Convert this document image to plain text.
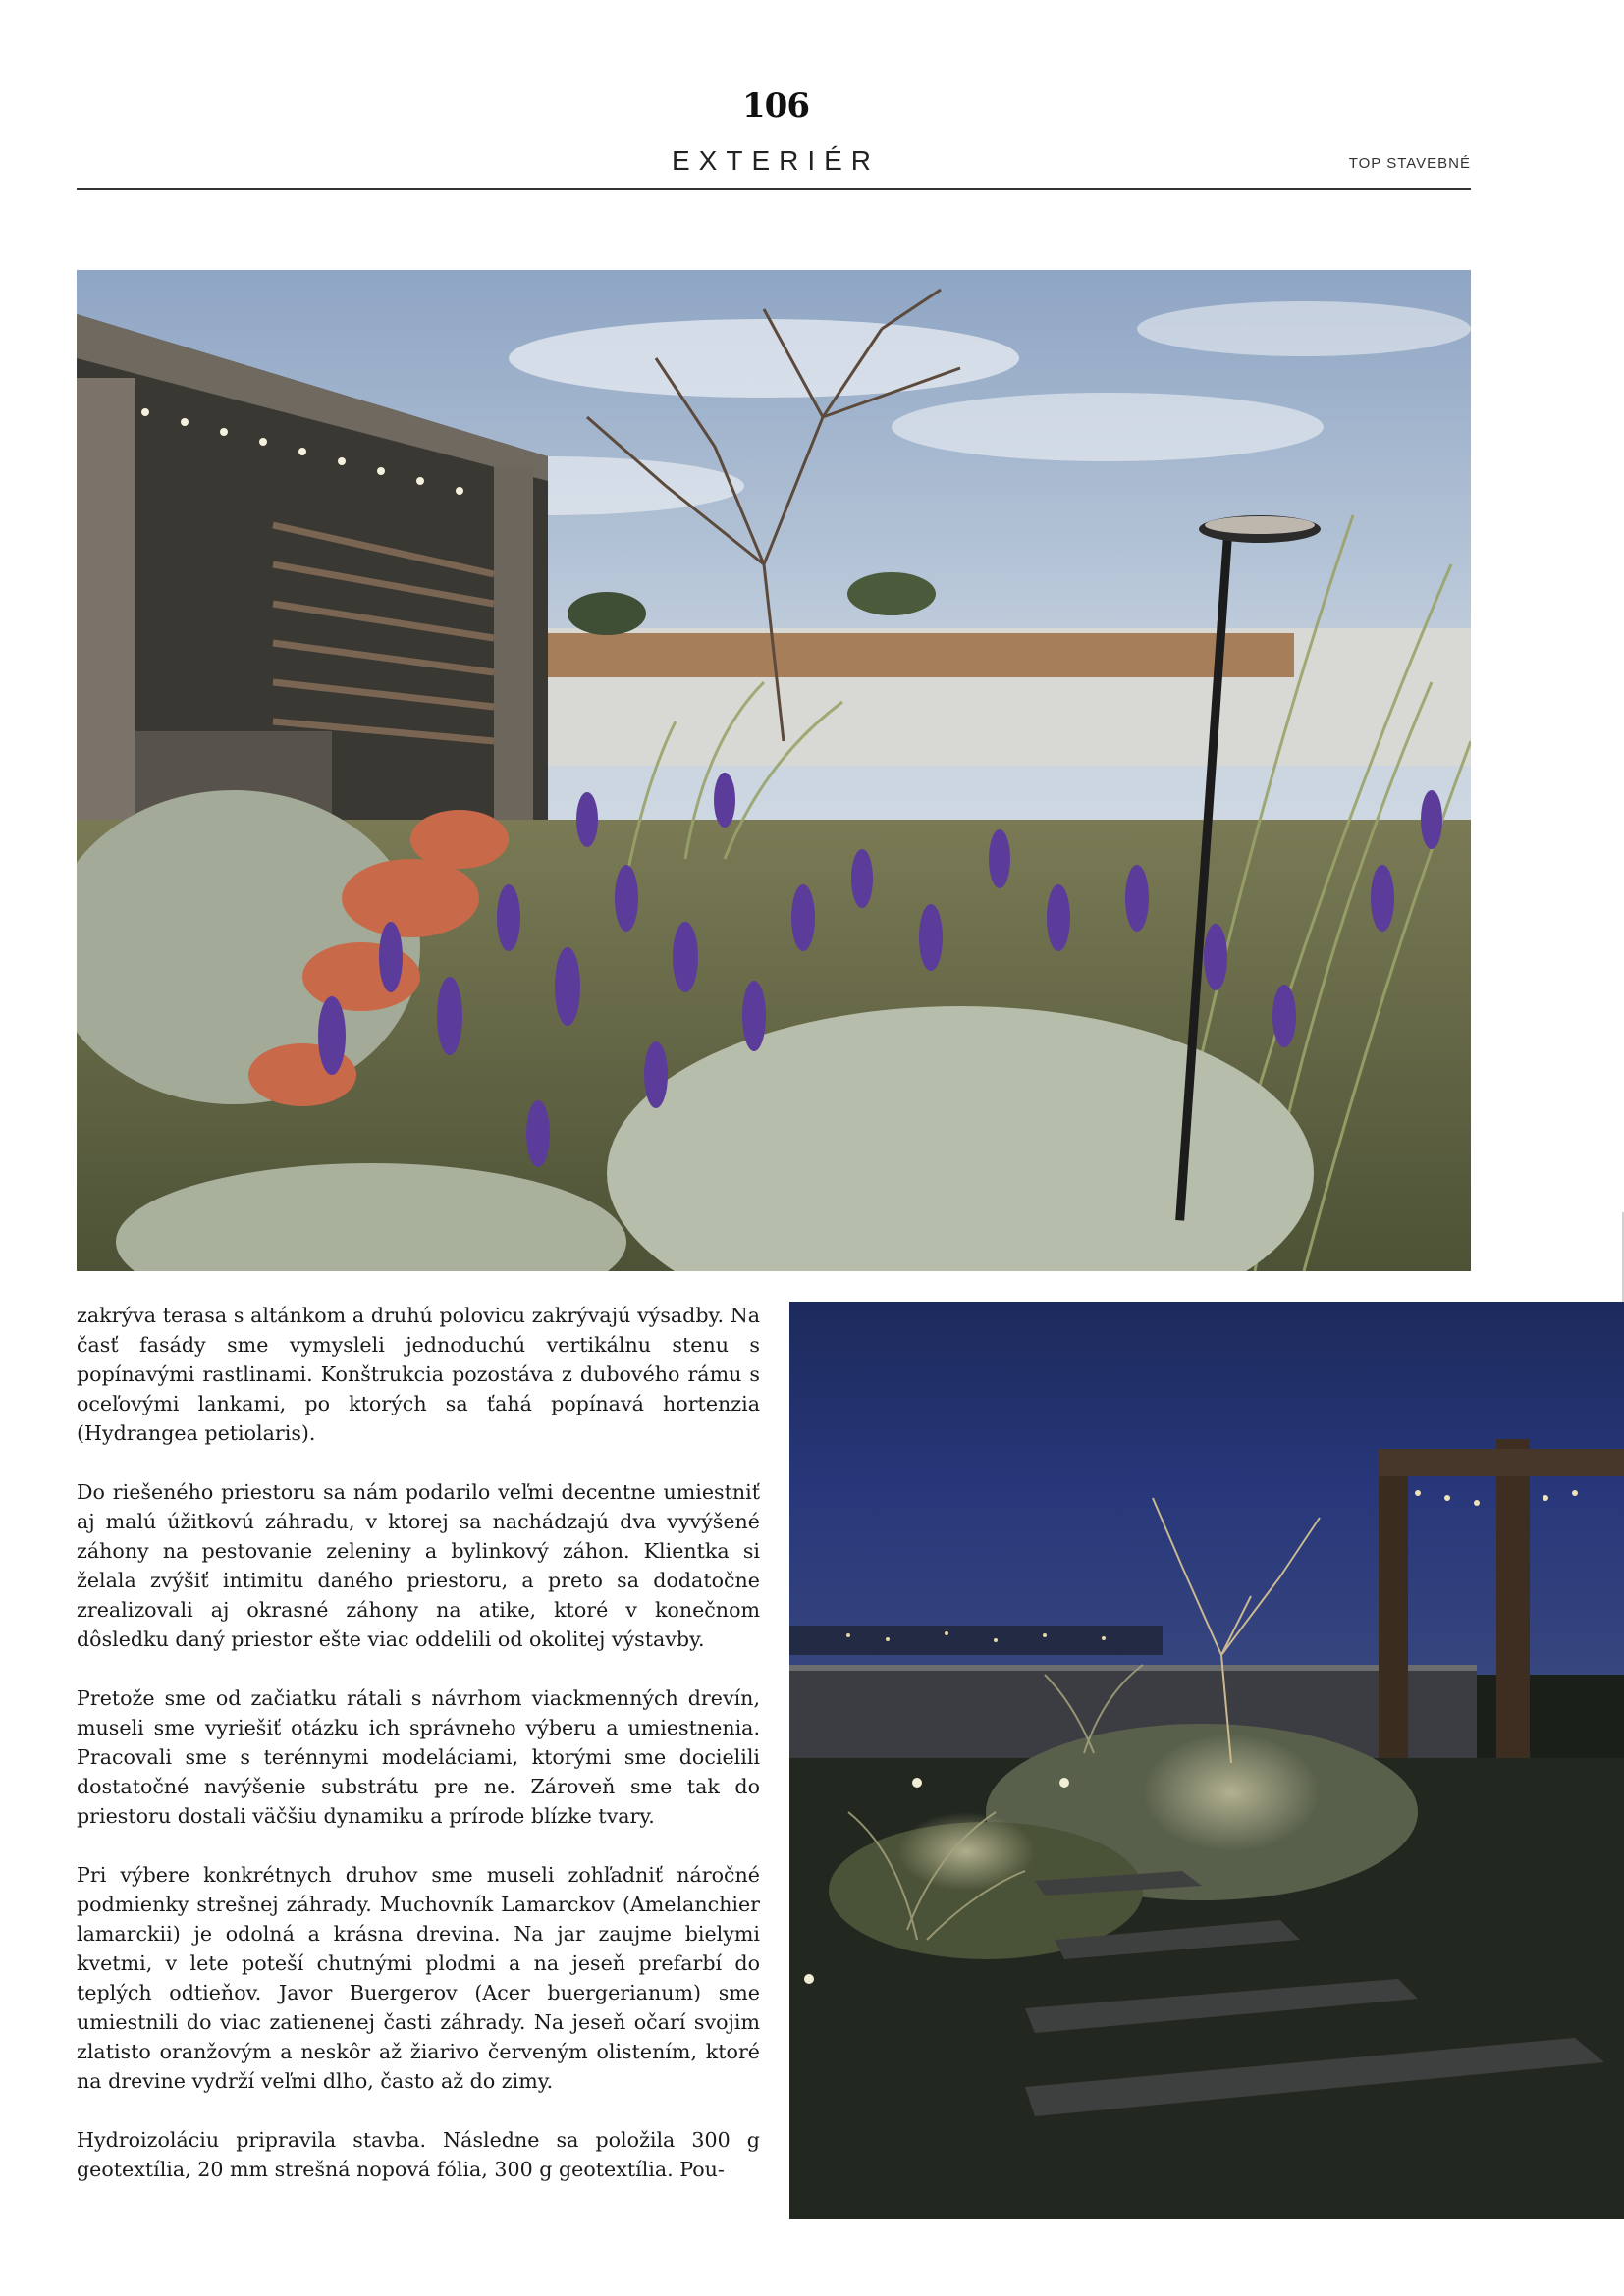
106
EXTERIÉR	TOP STAVEBNÉ

zakrýva terasa s altánkom a druhú polovicu zakrývajú výsadby. Na časť fasády sme vymysleli jednoduchú vertikálnu stenu s popínavými rastlinami. Konštrukcia pozostáva z dubového rámu s oceľovými lankami, po ktorých sa ťahá popínavá hortenzia (Hydrangea petiolaris).

Do riešeného priestoru sa nám podarilo veľmi decentne umiestniť aj malú úžitkovú záhradu, v ktorej sa nachádzajú dva vyvýšené záhony na pestovanie zeleniny a bylinkový záhon. Klientka si želala zvýšiť intimitu daného priestoru, a preto sa dodatočne zrealizovali aj okrasné záhony na atike, ktoré v konečnom dôsledku daný priestor ešte viac oddelili od okolitej výstavby.

Pretože sme od začiatku rátali s návrhom viackmenných drevín, museli sme vyriešiť otázku ich správneho výberu a umiestnenia. Pracovali sme s terénnymi modeláciami, ktorými sme docielili dostatočné navýšenie substrátu pre ne. Zároveň sme tak do priestoru dostali väčšiu dynamiku a prírode blízke tvary.

Pri výbere konkrétnych druhov sme museli zohľadniť náročné podmienky strešnej záhrady. Muchovník Lamarckov (Amelanchier lamarckii) je odolná a krásna drevina. Na jar zaujme bielymi kvetmi, v lete poteší chutnými plodmi a na jeseň prefarbí do teplých odtieňov. Javor Buergerov (Acer buergerianum) sme umiestnili do viac zatienenej časti záhrady. Na jeseň očarí svojim zlatisto oranžovým a neskôr až žiarivo červeným olistením, ktoré na drevine vydrží veľmi dlho, často až do zimy.

Hydroizoláciu pripravila stavba. Následne sa položila 300 g geotextília, 20 mm strešná nopová fólia, 300 g geotextília. Pou-
